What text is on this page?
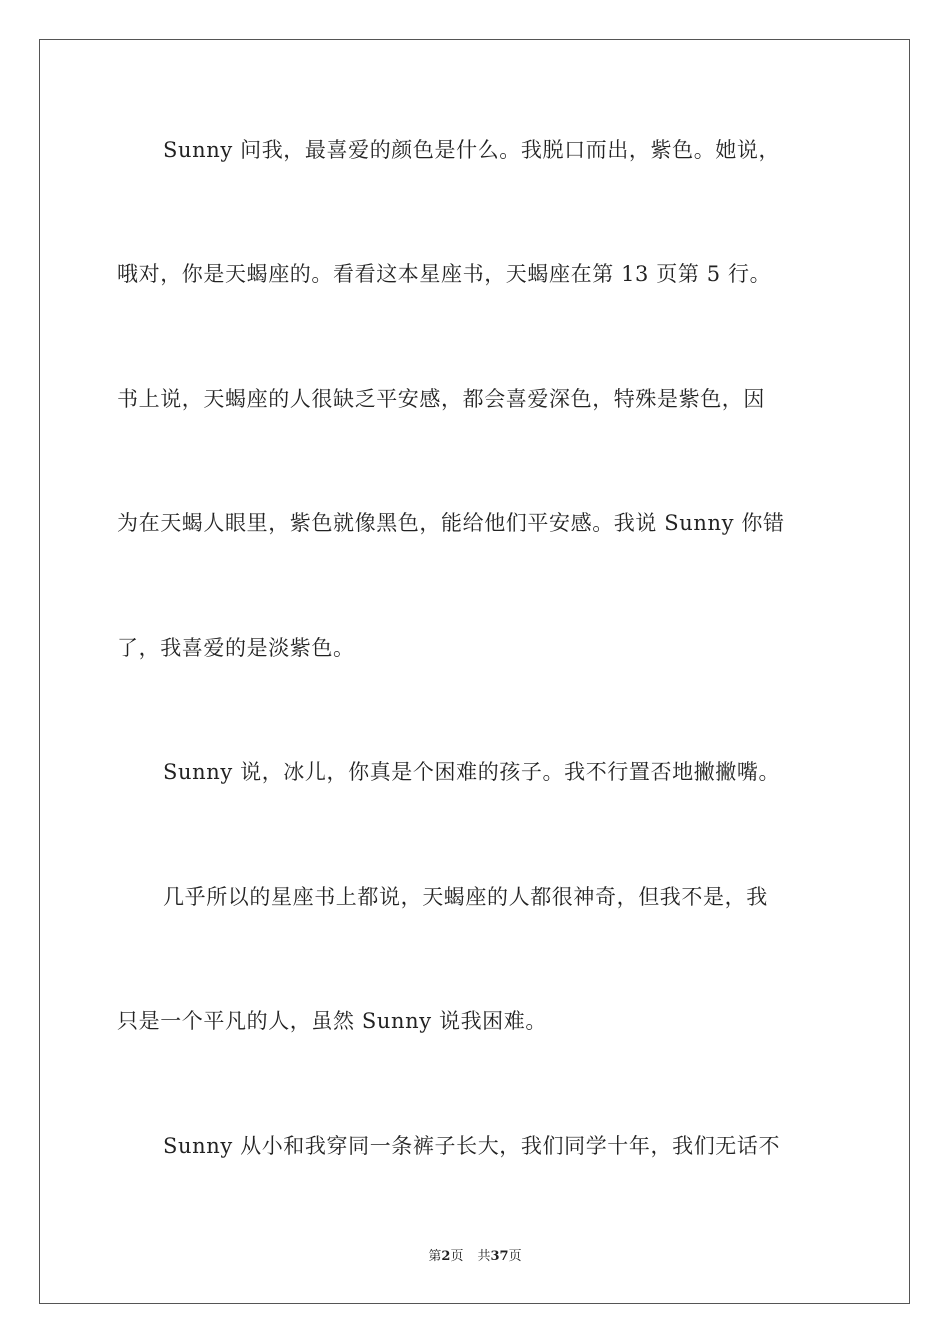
Sunny 问我，最喜爱的颜色是什么。我脱口而出，紫色。她说，
哦对，你是天蝎座的。看看这本星座书，天蝎座在第 13 页第 5 行。
书上说，天蝎座的人很缺乏平安感，都会喜爱深色，特殊是紫色，因
为在天蝎人眼里，紫色就像黑色，能给他们平安感。我说 Sunny 你错
了，我喜爱的是淡紫色。
Sunny 说，冰儿，你真是个困难的孩子。我不行置否地撇撇嘴。
几乎所以的星座书上都说，天蝎座的人都很神奇，但我不是，我
只是一个平凡的人，虽然 Sunny 说我困难。
Sunny 从小和我穿同一条裤子长大，我们同学十年，我们无话不
第2页 共37页
